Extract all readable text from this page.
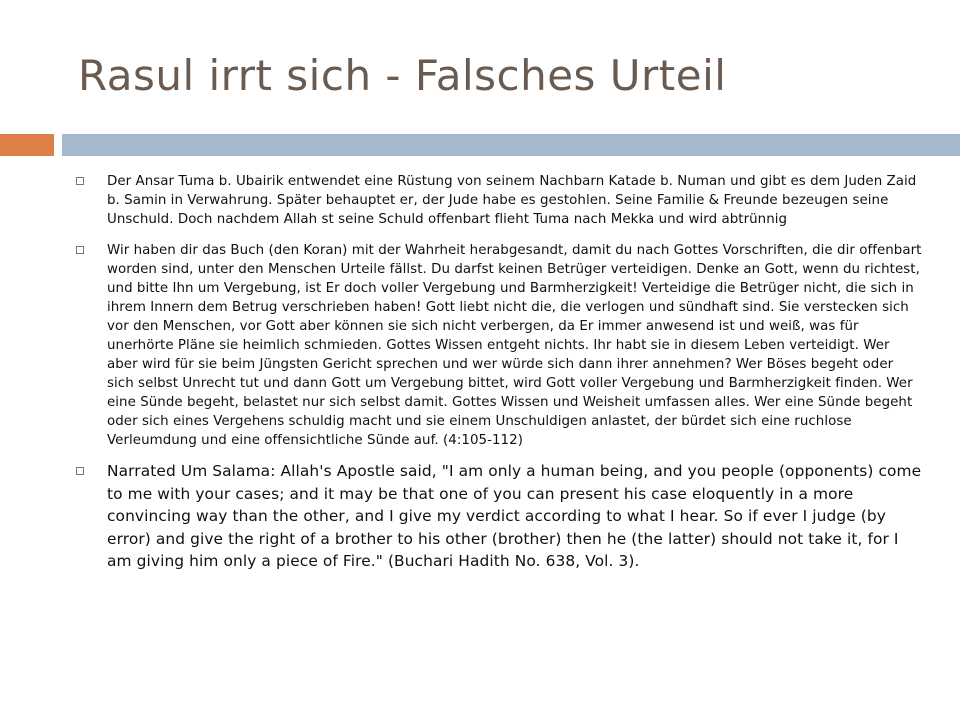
Rasul irrt sich - Falsches Urteil

Der Ansar Tuma b. Ubairik entwendet eine Rüstung von seinem Nachbarn Katade b. Numan und gibt es dem Juden Zaid b. Samin in Verwahrung. Später behauptet er, der Jude habe es gestohlen. Seine Familie & Freunde bezeugen seine Unschuld. Doch nachdem Allah st seine Schuld offenbart flieht Tuma nach Mekka und wird abtrünnig

Wir haben dir das Buch (den Koran) mit der Wahrheit herabgesandt, damit du nach Gottes Vorschriften, die dir offenbart worden sind, unter den Menschen Urteile fällst. Du darfst keinen Betrüger verteidigen. Denke an Gott, wenn du richtest, und bitte Ihn um Vergebung, ist Er doch voller Vergebung und Barmherzigkeit! Verteidige die Betrüger nicht, die sich in ihrem Innern dem Betrug verschrieben haben! Gott liebt nicht die, die verlogen und sündhaft sind. Sie verstecken sich vor den Menschen, vor Gott aber können sie sich nicht verbergen, da Er immer anwesend ist und weiß, was für unerhörte Pläne sie heimlich schmieden. Gottes Wissen entgeht nichts. Ihr habt sie in diesem Leben verteidigt. Wer aber wird für sie beim Jüngsten Gericht sprechen und wer würde sich dann ihrer annehmen? Wer Böses begeht oder sich selbst Unrecht tut und dann Gott um Vergebung bittet, wird Gott voller Vergebung und Barmherzigkeit finden. Wer eine Sünde begeht, belastet nur sich selbst damit. Gottes Wissen und Weisheit umfassen alles. Wer eine Sünde begeht oder sich eines Vergehens schuldig macht und sie einem Unschuldigen anlastet, der bürdet sich eine ruchlose Verleumdung und eine offensichtliche Sünde auf. (4:105-112)

Narrated Um Salama: Allah's Apostle said, "I am only a human being, and you people (opponents) come to me with your cases; and it may be that one of you can present his case eloquently in a more convincing way than the other, and I give my verdict according to what I hear. So if ever I judge (by error) and give the right of a brother to his other (brother) then he (the latter) should not take it, for I am giving him only a piece of Fire." (Buchari Hadith No. 638, Vol. 3).
